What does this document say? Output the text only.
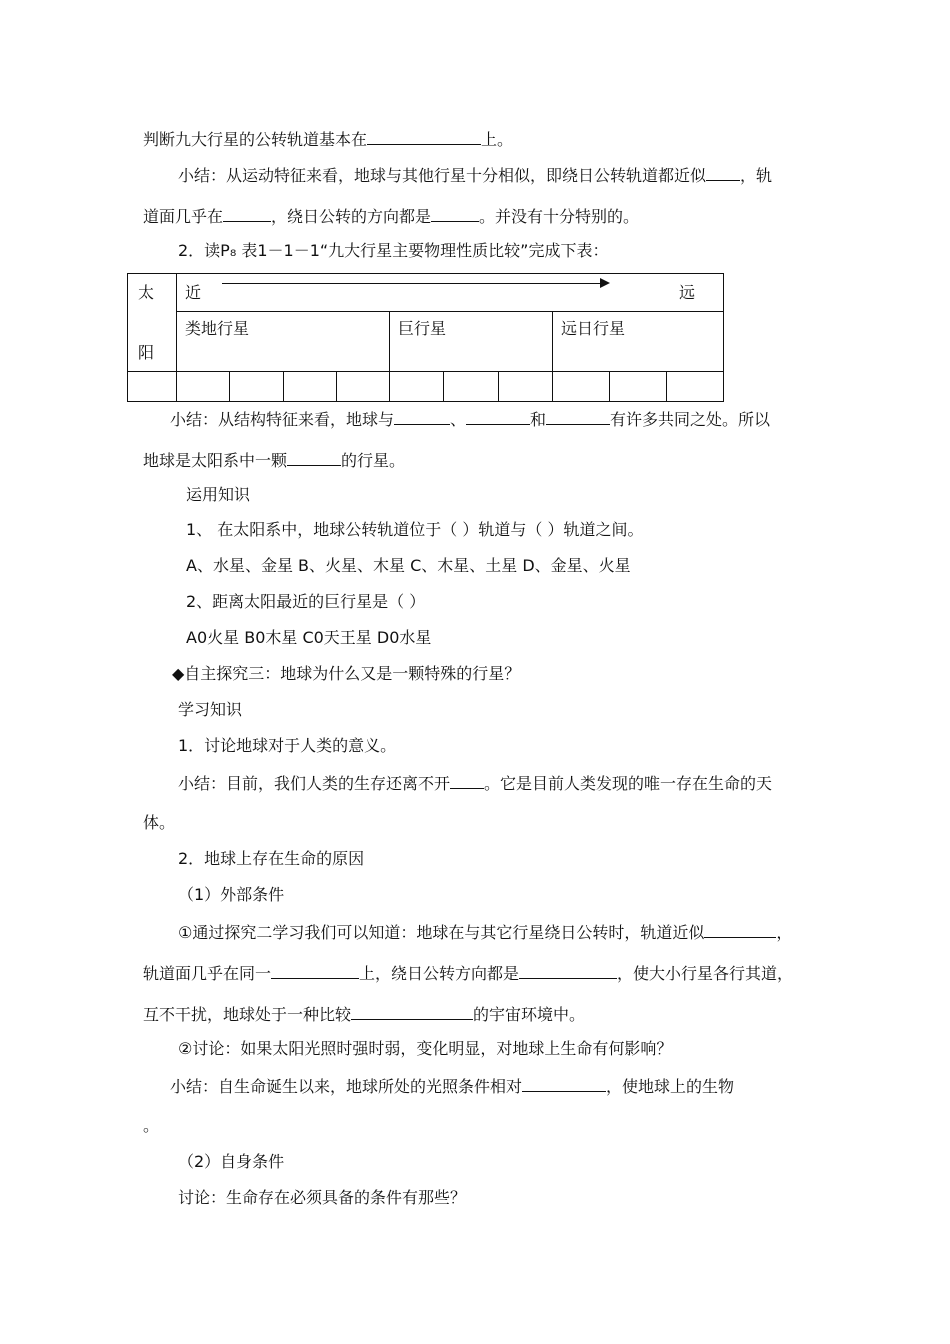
判断九大行星的公转轨道基本在	上。
小结：从运动特征来看，地球与其他行星十分相似，即绕日公转轨道都近似 ，轨
道面几乎在	，绕日公转的方向都是	。并没有十分特别的。
2．读P₈ 表1－1－1“九大行星主要物理性质比较”完成下表：
太
阳	近 远									

	类地行星				巨行星			远日行星		

小结：从结构特征来看，地球与	、	和	有许多共同之处。所以
地球是太阳系中一颗	的行星。
运用知识
1、 在太阳系中，地球公转轨道位于（ ）轨道与（ ）轨道之间。
A、水星、金星 B、火星、木星 C、木星、土星 D、金星、火星
2、距离太阳最近的巨行星是（ ）
A0火星 B0木星 C0天王星 D0水星
◆自主探究三：地球为什么又是一颗特殊的行星？
学习知识
1．讨论地球对于人类的意义。
小结：目前，我们人类的生存还离不开 。它是目前人类发现的唯一存在生命的天
体。
2．地球上存在生命的原因
（1）外部条件
①通过探究二学习我们可以知道：地球在与其它行星绕日公转时，轨道近似	，
轨道面几乎在同一	上，绕日公转方向都是	，使大小行星各行其道，
互不干扰，地球处于一种比较	的宇宙环境中。
②讨论：如果太阳光照时强时弱，变化明显，对地球上生命有何影响？
小结：自生命诞生以来，地球所处的光照条件相对	，使地球上的生物
。
（2）自身条件
讨论：生命存在必须具备的条件有那些？
